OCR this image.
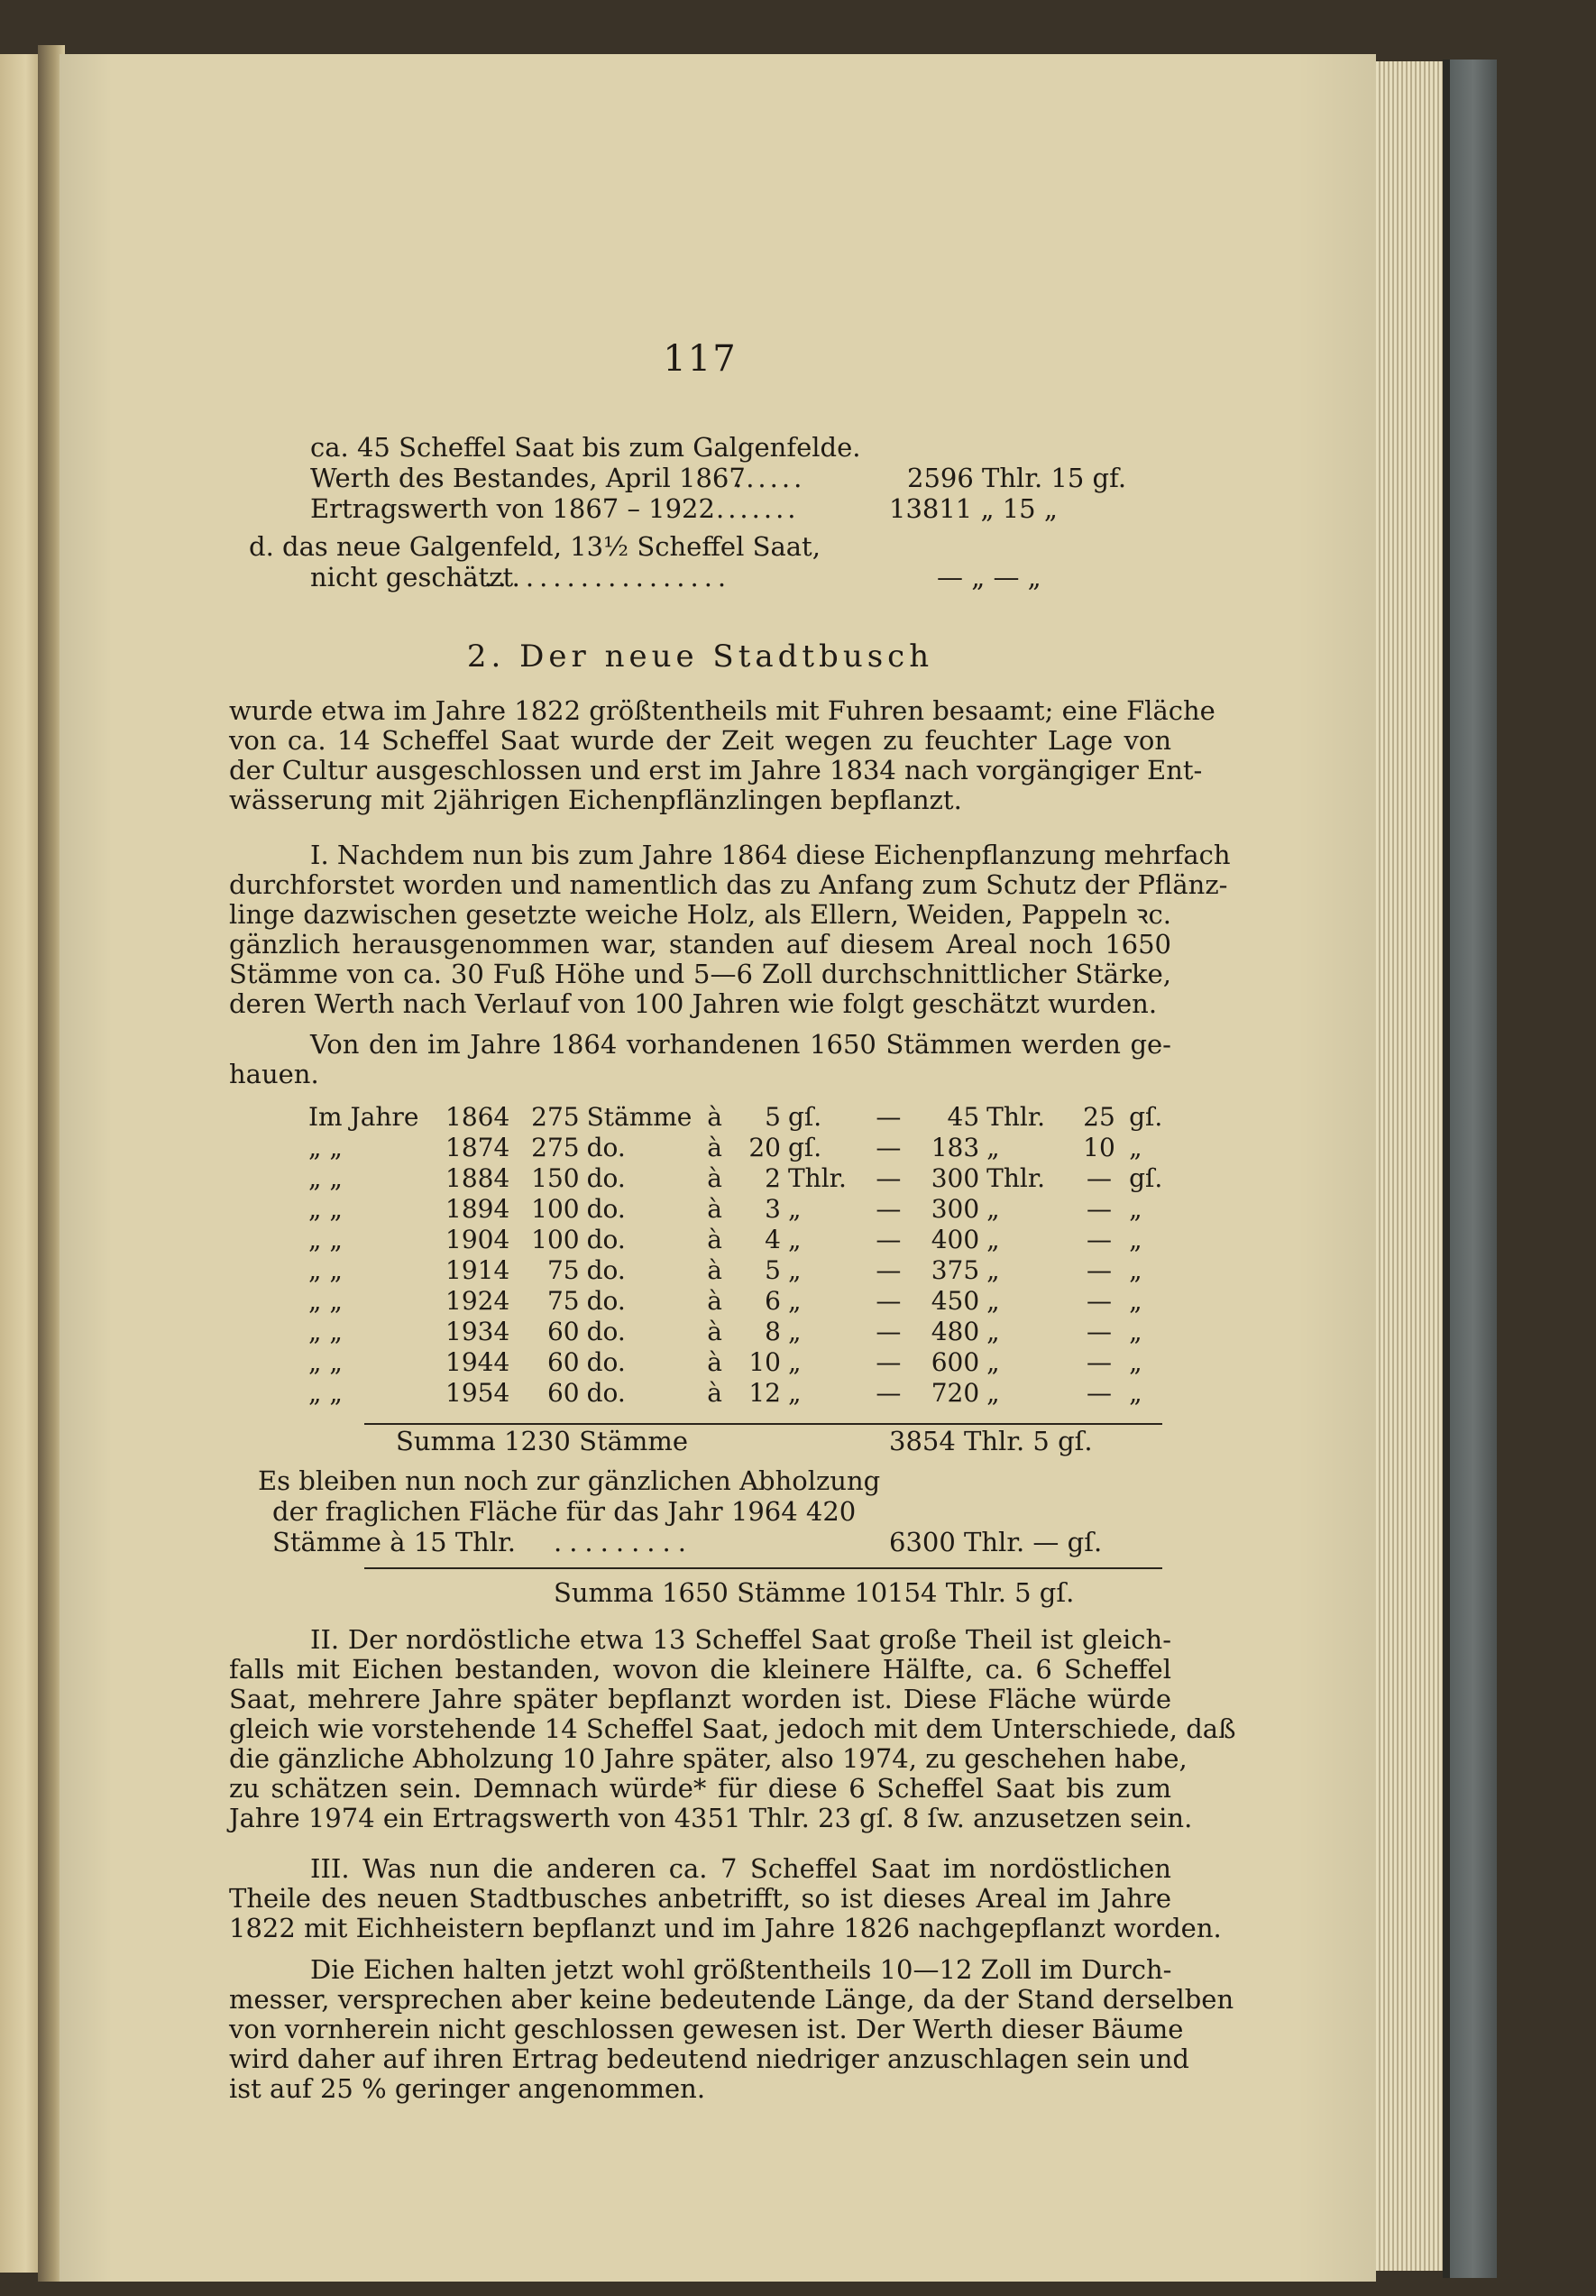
117
ca. 45 Scheffel Saat bis zum Galgenfelde.
Werth des Bestandes, April 1867
......	2596 Thlr. 15 gf.
Ertragswerth von 1867 – 1922 .......	13811 „ 15 „
d. das neue Galgenfeld, 13½ Scheffel Saat,
nicht geschätzt
...................	— „ — „
2. Der neue Stadtbusch
wurde etwa im Jahre 1822 größtentheils mit Fuhren besaamt; eine Fläche
von ca. 14 Scheffel Saat wurde der Zeit wegen zu feuchter Lage von
der Cultur ausgeschlossen und erst im Jahre 1834 nach vorgängiger Ent-
wässerung mit 2jährigen Eichenpflänzlingen bepflanzt.
I. Nachdem nun bis zum Jahre 1864 diese Eichenpflanzung mehrfach
durchforstet worden und namentlich das zu Anfang zum Schutz der Pflänz-
linge dazwischen gesetzte weiche Holz, als Ellern, Weiden, Pappeln ꝛc.
gänzlich herausgenommen war, standen auf diesem Areal noch 1650
Stämme von ca. 30 Fuß Höhe und 5—6 Zoll durchschnittlicher Stärke,
deren Werth nach Verlauf von 100 Jahren wie folgt geschätzt wurden.
Von den im Jahre 1864 vorhandenen 1650 Stämmen werden ge-
hauen.
Im Jahre	1864	275	Stämme	à	5	gſ.	—	45	Thlr.	25	gſ.
„ „	1874	275	do.	à	20	gſ.	—	183	„	10	„
„ „	1884	150	do.	à	2	Thlr.	—	300	Thlr.	—	gſ.
„ „	1894	100	do.	à	3	„	—	300	„	—	„
„ „	1904	100	do.	à	4	„	—	400	„	—	„
„ „	1914	75	do.	à	5	„	—	375	„	—	„
„ „	1924	75	do.	à	6	„	—	450	„	—	„
„ „	1934	60	do.	à	8	„	—	480	„	—	„
„ „	1944	60	do.	à	10	„	—	600	„	—	„
„ „	1954	60	do.	à	12	„	—	720	„	—	„
Summa 1230 Stämme	3854 Thlr. 5 gſ.
Es bleiben nun noch zur gänzlichen Abholzung
der fraglichen Fläche für das Jahr 1964 420
Stämme à 15 Thlr. .........	6300 Thlr. — gſ.
Summa 1650 Stämme 10154 Thlr. 5 gſ.
II. Der nordöstliche etwa 13 Scheffel Saat große Theil ist gleich-
falls mit Eichen bestanden, wovon die kleinere Hälfte, ca. 6 Scheffel
Saat, mehrere Jahre später bepflanzt worden ist. Diese Fläche würde
gleich wie vorstehende 14 Scheffel Saat, jedoch mit dem Unterschiede, daß
die gänzliche Abholzung 10 Jahre später, also 1974, zu geschehen habe,
zu schätzen sein. Demnach würde* für diese 6 Scheffel Saat bis zum
Jahre 1974 ein Ertragswerth von 4351 Thlr. 23 gſ. 8 ſw. anzusetzen sein.
III. Was nun die anderen ca. 7 Scheffel Saat im nordöstlichen
Theile des neuen Stadtbusches anbetrifft, so ist dieses Areal im Jahre
1822 mit Eichheistern bepflanzt und im Jahre 1826 nachgepflanzt worden.
Die Eichen halten jetzt wohl größtentheils 10—12 Zoll im Durch-
messer, versprechen aber keine bedeutende Länge, da der Stand derselben
von vornherein nicht geschlossen gewesen ist. Der Werth dieser Bäume
wird daher auf ihren Ertrag bedeutend niedriger anzuschlagen sein und
ist auf 25 % geringer angenommen.
